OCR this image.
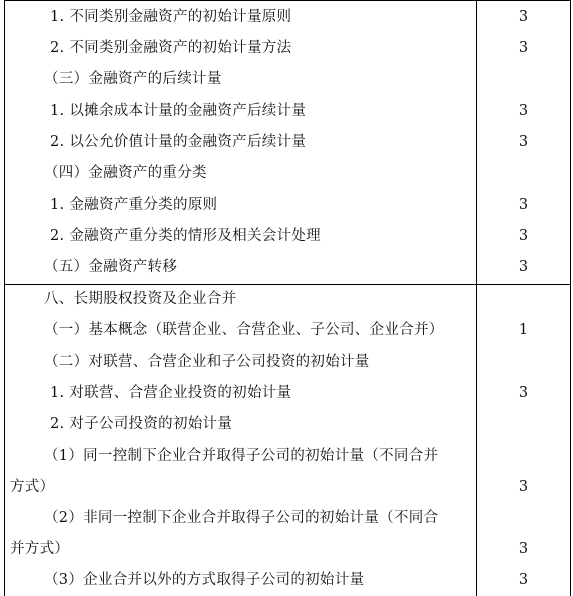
1. 不同类别金融资产的初始计量原则	3
2. 不同类别金融资产的初始计量方法	3
（三）金融资产的后续计量
1. 以摊余成本计量的金融资产后续计量	3
2. 以公允价值计量的金融资产后续计量	3
（四）金融资产的重分类
1. 金融资产重分类的原则	3
2. 金融资产重分类的情形及相关会计处理	3
（五）金融资产转移	3
八、长期股权投资及企业合并
（一）基本概念（联营企业、合营企业、子公司、企业合并）	1
（二）对联营、合营企业和子公司投资的初始计量
1. 对联营、合营企业投资的初始计量	3
2. 对子公司投资的初始计量
（1）同一控制下企业合并取得子公司的初始计量（不同合并
方式）	3
（2）非同一控制下企业合并取得子公司的初始计量（不同合
并方式）	3
（3）企业合并以外的方式取得子公司的初始计量	3
